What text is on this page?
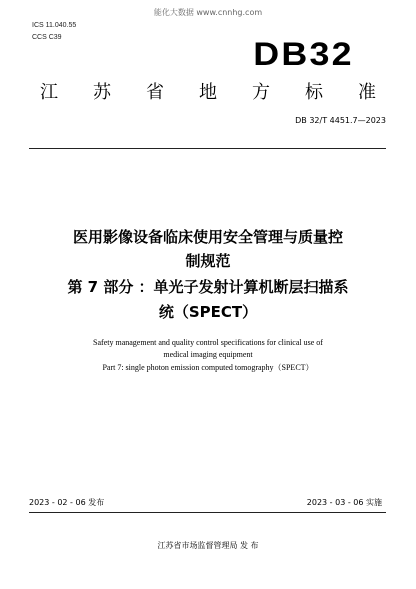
能化大数据 www.cnnhg.com
ICS 11.040.55
CCS C39	DB32
江 苏 省 地 方 标 准
DB 32/T 4451.7—2023
医用影像设备临床使用安全管理与质量控
制规范
第 7 部分 ：单光子发射计算机断层扫描系
统（SPECT）
Safety management and quality control specifications for clinical use of
medical imaging equipment
Part 7: single photon emission computed tomography（SPECT）
2023 - 02 - 06 发布	2023 - 03 - 06 实施
江苏省市场监督管理局 发 布
